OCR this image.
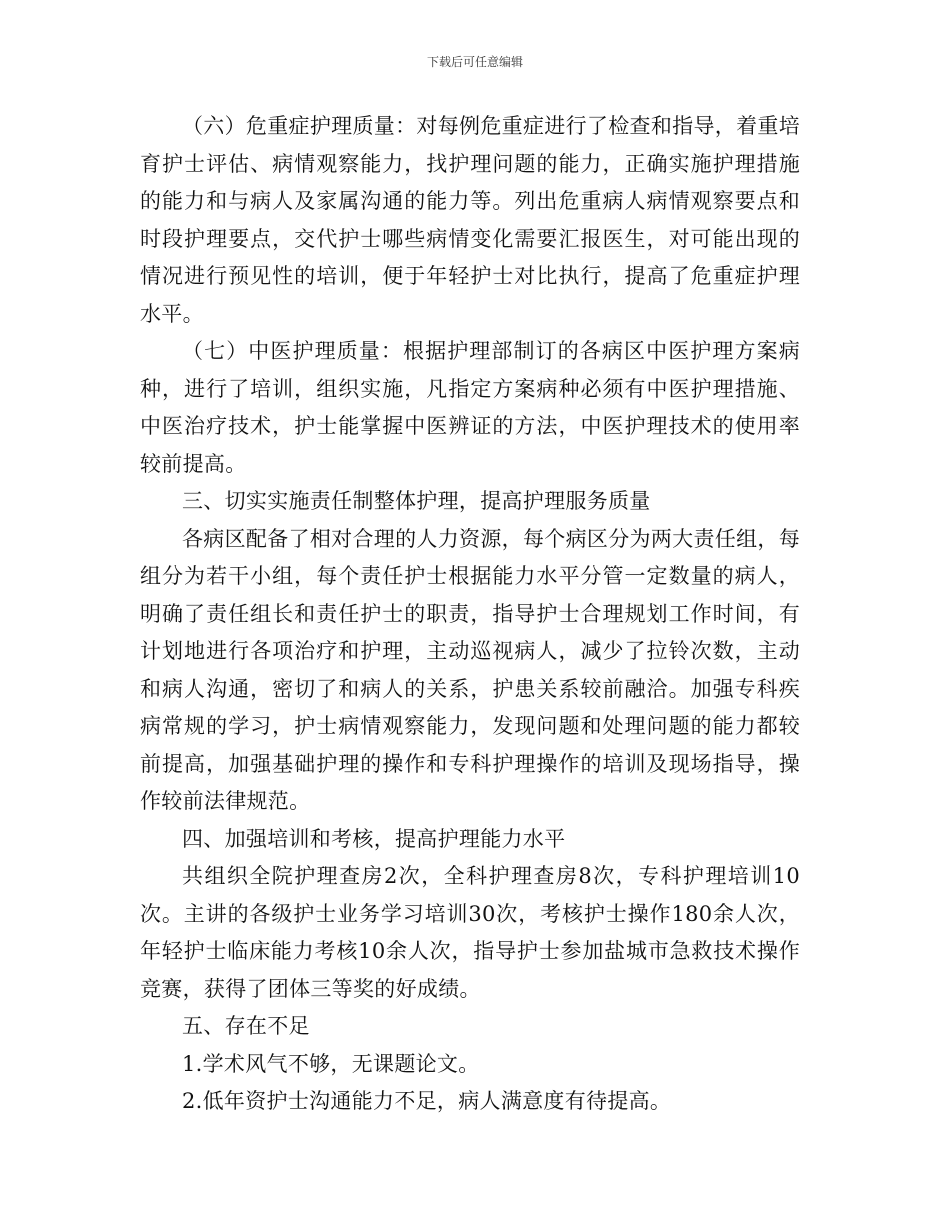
下载后可任意编辑

（六）危重症护理质量：对每例危重症进行了检查和指导，着重培育护士评估、病情观察能力，找护理问题的能力，正确实施护理措施的能力和与病人及家属沟通的能力等。列出危重病人病情观察要点和时段护理要点，交代护士哪些病情变化需要汇报医生，对可能出现的情况进行预见性的培训，便于年轻护士对比执行，提高了危重症护理水平。

（七）中医护理质量：根据护理部制订的各病区中医护理方案病种，进行了培训，组织实施，凡指定方案病种必须有中医护理措施、中医治疗技术，护士能掌握中医辨证的方法，中医护理技术的使用率较前提高。

三、切实实施责任制整体护理，提高护理服务质量

各病区配备了相对合理的人力资源，每个病区分为两大责任组，每组分为若干小组，每个责任护士根据能力水平分管一定数量的病人，明确了责任组长和责任护士的职责，指导护士合理规划工作时间，有计划地进行各项治疗和护理，主动巡视病人，减少了拉铃次数，主动和病人沟通，密切了和病人的关系，护患关系较前融洽。加强专科疾病常规的学习，护士病情观察能力，发现问题和处理问题的能力都较前提高，加强基础护理的操作和专科护理操作的培训及现场指导，操作较前法律规范。

四、加强培训和考核，提高护理能力水平

共组织全院护理查房2次，全科护理查房8次，专科护理培训10次。主讲的各级护士业务学习培训30次，考核护士操作180余人次，年轻护士临床能力考核10余人次，指导护士参加盐城市急救技术操作竞赛，获得了团体三等奖的好成绩。

五、存在不足

1.学术风气不够，无课题论文。

2.低年资护士沟通能力不足，病人满意度有待提高。
